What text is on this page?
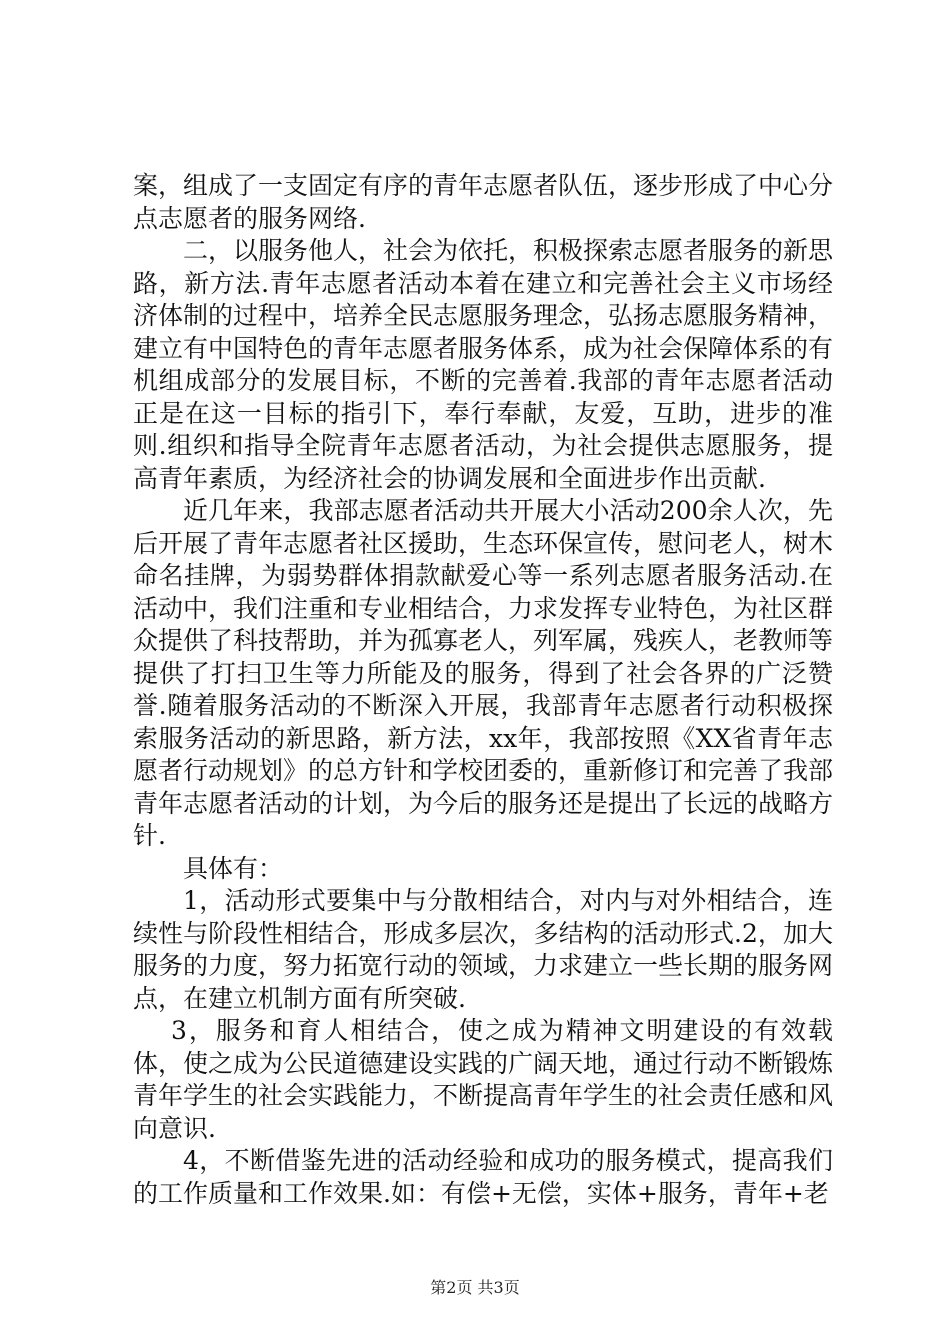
案，组成了一支固定有序的青年志愿者队伍，逐步形成了中心分点志愿者的服务网络.

二，以服务他人，社会为依托，积极探索志愿者服务的新思路，新方法.青年志愿者活动本着在建立和完善社会主义市场经济体制的过程中，培养全民志愿服务理念，弘扬志愿服务精神，建立有中国特色的青年志愿者服务体系，成为社会保障体系的有机组成部分的发展目标，不断的完善着.我部的青年志愿者活动正是在这一目标的指引下，奉行奉献，友爱，互助，进步的准则.组织和指导全院青年志愿者活动，为社会提供志愿服务，提高青年素质，为经济社会的协调发展和全面进步作出贡献.

近几年来，我部志愿者活动共开展大小活动200余人次，先后开展了青年志愿者社区援助，生态环保宣传，慰问老人，树木命名挂牌，为弱势群体捐款献爱心等一系列志愿者服务活动.在活动中，我们注重和专业相结合，力求发挥专业特色，为社区群众提供了科技帮助，并为孤寡老人，列军属，残疾人，老教师等提供了打扫卫生等力所能及的服务，得到了社会各界的广泛赞誉.随着服务活动的不断深入开展，我部青年志愿者行动积极探索服务活动的新思路，新方法，xx年，我部按照《XX省青年志愿者行动规划》的总方针和学校团委的，重新修订和完善了我部青年志愿者活动的计划，为今后的服务还是提出了长远的战略方针.

具体有：

1，活动形式要集中与分散相结合，对内与对外相结合，连续性与阶段性相结合，形成多层次，多结构的活动形式.2，加大服务的力度，努力拓宽行动的领域，力求建立一些长期的服务网点，在建立机制方面有所突破.

3，服务和育人相结合，使之成为精神文明建设的有效载体，使之成为公民道德建设实践的广阔天地，通过行动不断锻炼青年学生的社会实践能力，不断提高青年学生的社会责任感和风向意识.

4，不断借鉴先进的活动经验和成功的服务模式，提高我们的工作质量和工作效果.如：有偿+无偿，实体+服务，青年+老

第2页 共3页
